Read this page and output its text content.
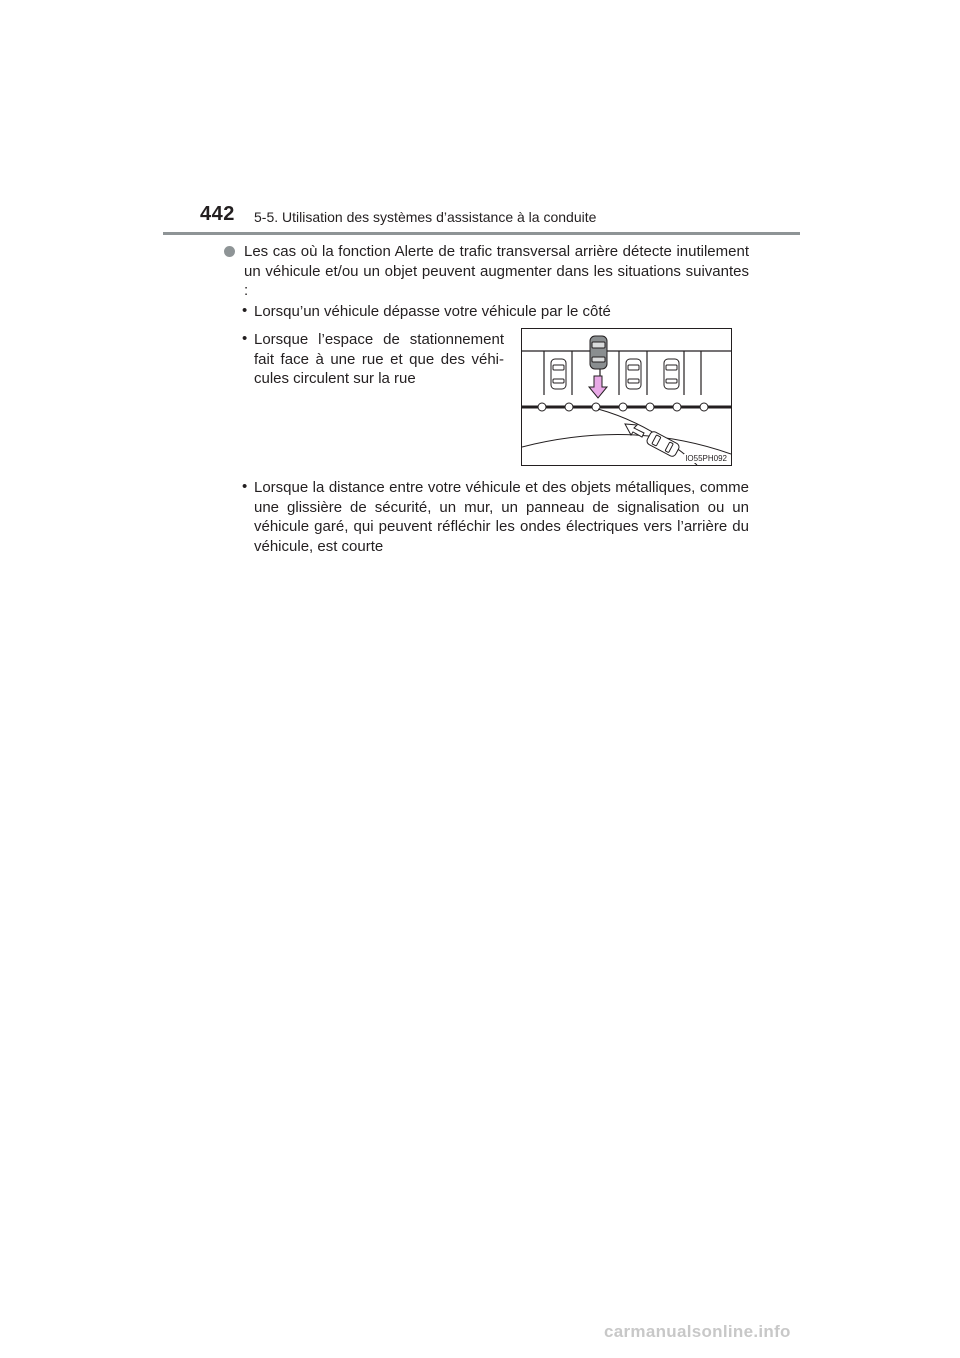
442 5-5. Utilisation des systèmes d’assistance à la conduite
Les cas où la fonction Alerte de trafic transversal arrière détecte inutilement un véhicule et/ou un objet peuvent augmenter dans les situations suivantes :
• Lorsqu’un véhicule dépasse votre véhicule par le côté
• Lorsque l’espace de stationnement fait face à une rue et que des véhi- cules circulent sur la rue
IO55PH092
• Lorsque la distance entre votre véhicule et des objets métalliques, comme une glissière de sécurité, un mur, un panneau de signalisation ou un véhicule garé, qui peuvent réfléchir les ondes électriques vers l’arrière du véhicule, est courte
carmanualsonline.info
